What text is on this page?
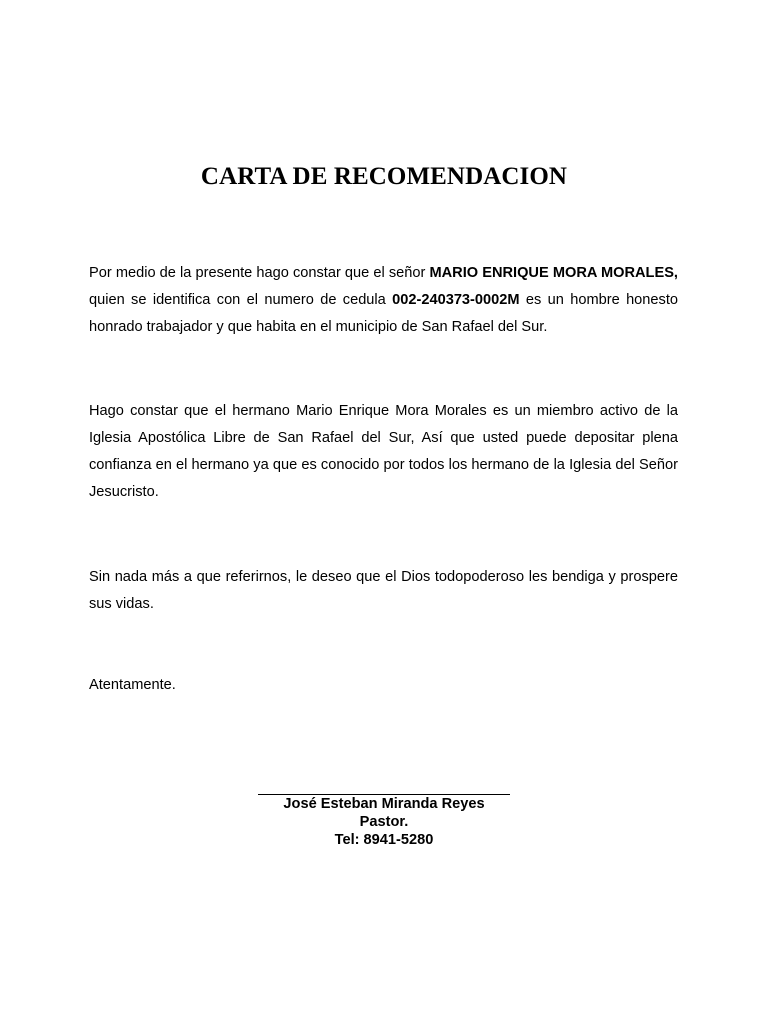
CARTA DE RECOMENDACION

Por medio de la presente hago constar que el señor MARIO ENRIQUE MORA MORALES, quien se identifica con el numero de cedula 002-240373-0002M es un hombre honesto honrado trabajador y que habita en el municipio de San Rafael del Sur.

Hago constar que el hermano Mario Enrique Mora Morales es un miembro activo de la Iglesia Apostólica Libre de San Rafael del Sur, Así que usted puede depositar plena confianza en el hermano ya que es conocido por todos los hermano de la Iglesia del Señor Jesucristo.

Sin nada más a que referirnos, le deseo que el Dios todopoderoso les bendiga y prospere sus vidas.

Atentamente.

José Esteban Miranda Reyes
Pastor.
Tel: 8941-5280
